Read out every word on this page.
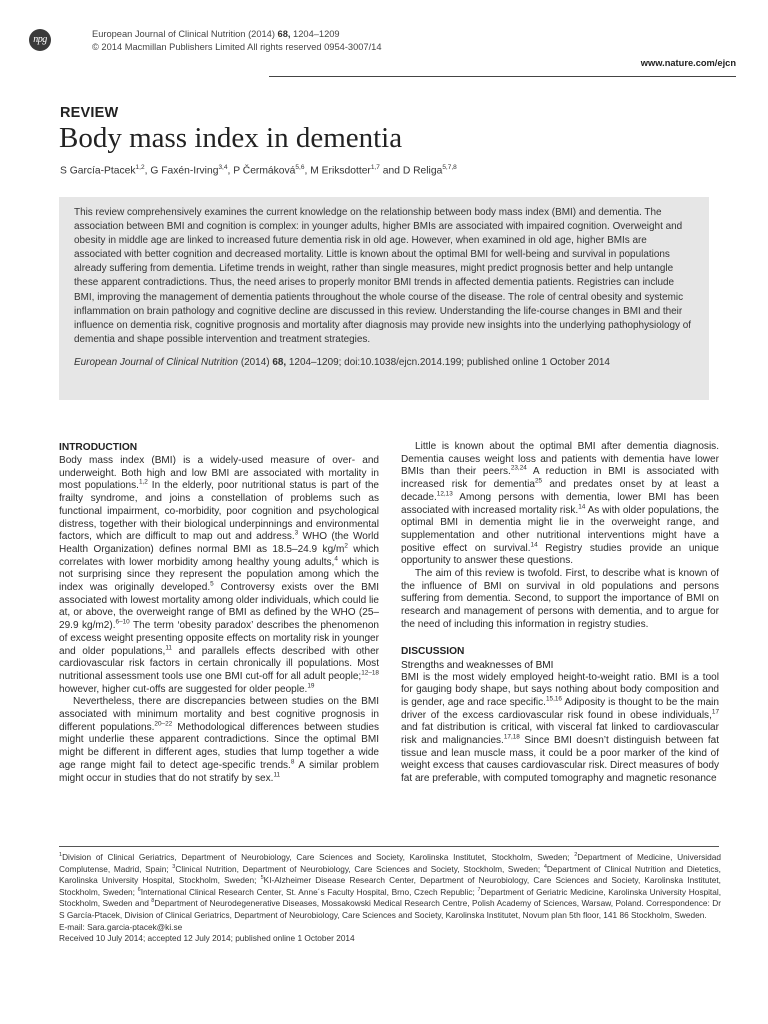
npg	European Journal of Clinical Nutrition (2014) 68, 1204–1209
© 2014 Macmillan Publishers Limited All rights reserved 0954-3007/14
www.nature.com/ejcn
REVIEW
Body mass index in dementia
S García-Ptacek$^{1,2}$, G Faxén-Irving$^{3,4}$, P Čermáková$^{5,6}$, M Eriksdotter$^{1,7}$ and D Religa$^{5,7,8}$

This review comprehensively examines the current knowledge on the relationship between body mass index (BMI) and dementia. The association between BMI and cognition is complex: in younger adults, higher BMIs are associated with impaired cognition. Overweight and obesity in middle age are linked to increased future dementia risk in old age. However, when examined in old age, higher BMIs are associated with better cognition and decreased mortality. Little is known about the optimal BMI for well-being and survival in populations already suffering from dementia. Lifetime trends in weight, rather than single measures, might predict prognosis better and help untangle these apparent contradictions. Thus, the need arises to properly monitor BMI trends in affected dementia patients. Registries can include BMI, improving the management of dementia patients throughout the whole course of the disease. The role of central obesity and systemic inflammation on brain pathology and cognitive decline are discussed in this review. Understanding the life-course changes in BMI and their influence on dementia risk, cognitive prognosis and mortality after diagnosis may provide new insights into the underlying pathophysiology of dementia and shape possible intervention and treatment strategies.

European Journal of Clinical Nutrition (2014) 68, 1204–1209; doi:10.1038/ejcn.2014.199; published online 1 October 2014

INTRODUCTION

Body mass index (BMI) is a widely-used measure of over- and underweight. Both high and low BMI are associated with mortality in most populations.$^{1,2}$ In the elderly, poor nutritional status is part of the frailty syndrome, and joins a constellation of problems such as functional impairment, co-morbidity, poor cognition and psychological distress, together with their biological underpinnings and environmental factors, which are difficult to map out and address.$^3$ WHO (the World Health Organization) defines normal BMI as 18.5–24.9 $kg/m^2$ which correlates with lower morbidity among healthy young adults,$^4$ which is not surprising since they represent the population among which the index was originally developed.$^5$ Controversy exists over the BMI associated with lowest mortality among older individuals, which could lie at, or above, the overweight range of BMI as defined by the WHO (25–29.9 kg/m2).$^{6-10}$ The term ‘obesity paradox’ describes the phenomenon of excess weight presenting opposite effects on mortality risk in younger and older populations,$^{11}$ and parallels effects described with other cardiovascular risk factors in certain chronically ill populations. Most nutritional assessment tools use one BMI cut-off for all adult people;$^{12-18}$ however, higher cut-offs are suggested for older people.$^{19}$

Nevertheless, there are discrepancies between studies on the BMI associated with minimum mortality and best cognitive prognosis in different populations.$^{20-22}$ Methodological differences between studies might underlie these apparent contradictions. Since the optimal BMI might be different in different ages, studies that lump together a wide age range might fail to detect age-specific trends.$^8$ A similar problem might occur in studies that do not stratify by sex.$^{11}$

Little is known about the optimal BMI after dementia diagnosis. Dementia causes weight loss and patients with dementia have lower BMIs than their peers.$^{23,24}$ A reduction in BMI is associated with increased risk for dementia$^{25}$ and predates onset by at least a decade.$^{12,13}$ Among persons with dementia, lower BMI has been associated with increased mortality risk.$^{14}$ As with older populations, the optimal BMI in dementia might lie in the overweight range, and supplementation and other nutritional interventions might have a positive effect on survival.$^{14}$ Registry studies provide an unique opportunity to answer these questions.

The aim of this review is twofold. First, to describe what is known of the influence of BMI on survival in old populations and persons suffering from dementia. Second, to support the importance of BMI on research and management of persons with dementia, and to argue for the need of including this information in registry studies.

DISCUSSION
Strengths and weaknesses of BMI

BMI is the most widely employed height-to-weight ratio. BMI is a tool for gauging body shape, but says nothing about body composition and is gender, age and race specific.$^{15,16}$ Adiposity is thought to be the main driver of the excess cardiovascular risk found in obese individuals,$^{17}$ and fat distribution is critical, with visceral fat linked to cardiovascular risk and malignancies.$^{17,18}$ Since BMI doesn’t distinguish between fat tissue and lean muscle mass, it could be a poor marker of the kind of weight excess that causes cardiovascular risk. Direct measures of body fat are preferable, with computed tomography and magnetic resonance

$^1$Division of Clinical Geriatrics, Department of Neurobiology, Care Sciences and Society, Karolinska Institutet, Stockholm, Sweden; $^2$Department of Medicine, Universidad Complutense, Madrid, Spain; $^3$Clinical Nutrition, Department of Neurobiology, Care Sciences and Society, Stockholm, Sweden; $^4$Department of Clinical Nutrition and Dietetics, Karolinska University Hospital, Stockholm, Sweden; $^5$KI-Alzheimer Disease Research Center, Department of Neurobiology, Care Sciences and Society, Karolinska Institutet, Stockholm, Sweden; $^6$International Clinical Research Center, St. Anne´s Faculty Hospital, Brno, Czech Republic; $^7$Department of Geriatric Medicine, Karolinska University Hospital, Stockholm, Sweden and $^8$Department of Neurodegenerative Diseases, Mossakowski Medical Research Centre, Polish Academy of Sciences, Warsaw, Poland. Correspondence: Dr S García-Ptacek, Division of Clinical Geriatrics, Department of Neurobiology, Care Sciences and Society, Karolinska Institutet, Novum plan 5th floor, 141 86 Stockholm, Sweden.

E-mail: Sara.garcia-ptacek@ki.se

Received 10 July 2014; accepted 12 July 2014; published online 1 October 2014
